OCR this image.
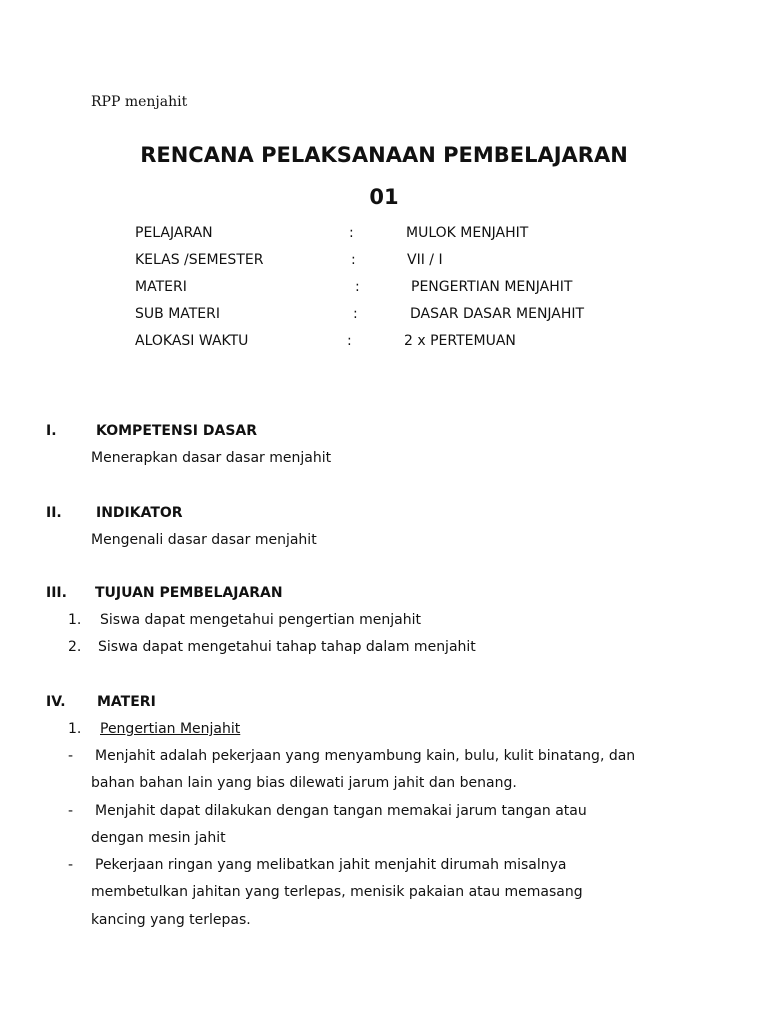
RPP menjahit
RENCANA PELAKSANAAN PEMBELAJARAN
01
PELAJARAN	:	MULOK MENJAHIT
KELAS /SEMESTER	:	VII / I
MATERI	:	PENGERTIAN MENJAHIT
SUB MATERI	:	DASAR DASAR MENJAHIT
ALOKASI WAKTU	:	2 x PERTEMUAN
I.	KOMPETENSI DASAR
Menerapkan dasar dasar menjahit
II. INDIKATOR
Mengenali dasar dasar menjahit
III. TUJUAN PEMBELAJARAN
1. Siswa dapat mengetahui pengertian menjahit
2. Siswa dapat mengetahui tahap tahap dalam menjahit
IV. MATERI
1. Pengertian Menjahit
- Menjahit adalah pekerjaan yang menyambung kain, bulu, kulit binatang, dan
bahan bahan lain yang bias dilewati jarum jahit dan benang.
- Menjahit dapat dilakukan dengan tangan memakai jarum tangan atau
dengan mesin jahit
- Pekerjaan ringan yang melibatkan jahit menjahit dirumah misalnya
membetulkan jahitan yang terlepas, menisik pakaian atau memasang
kancing yang terlepas.
